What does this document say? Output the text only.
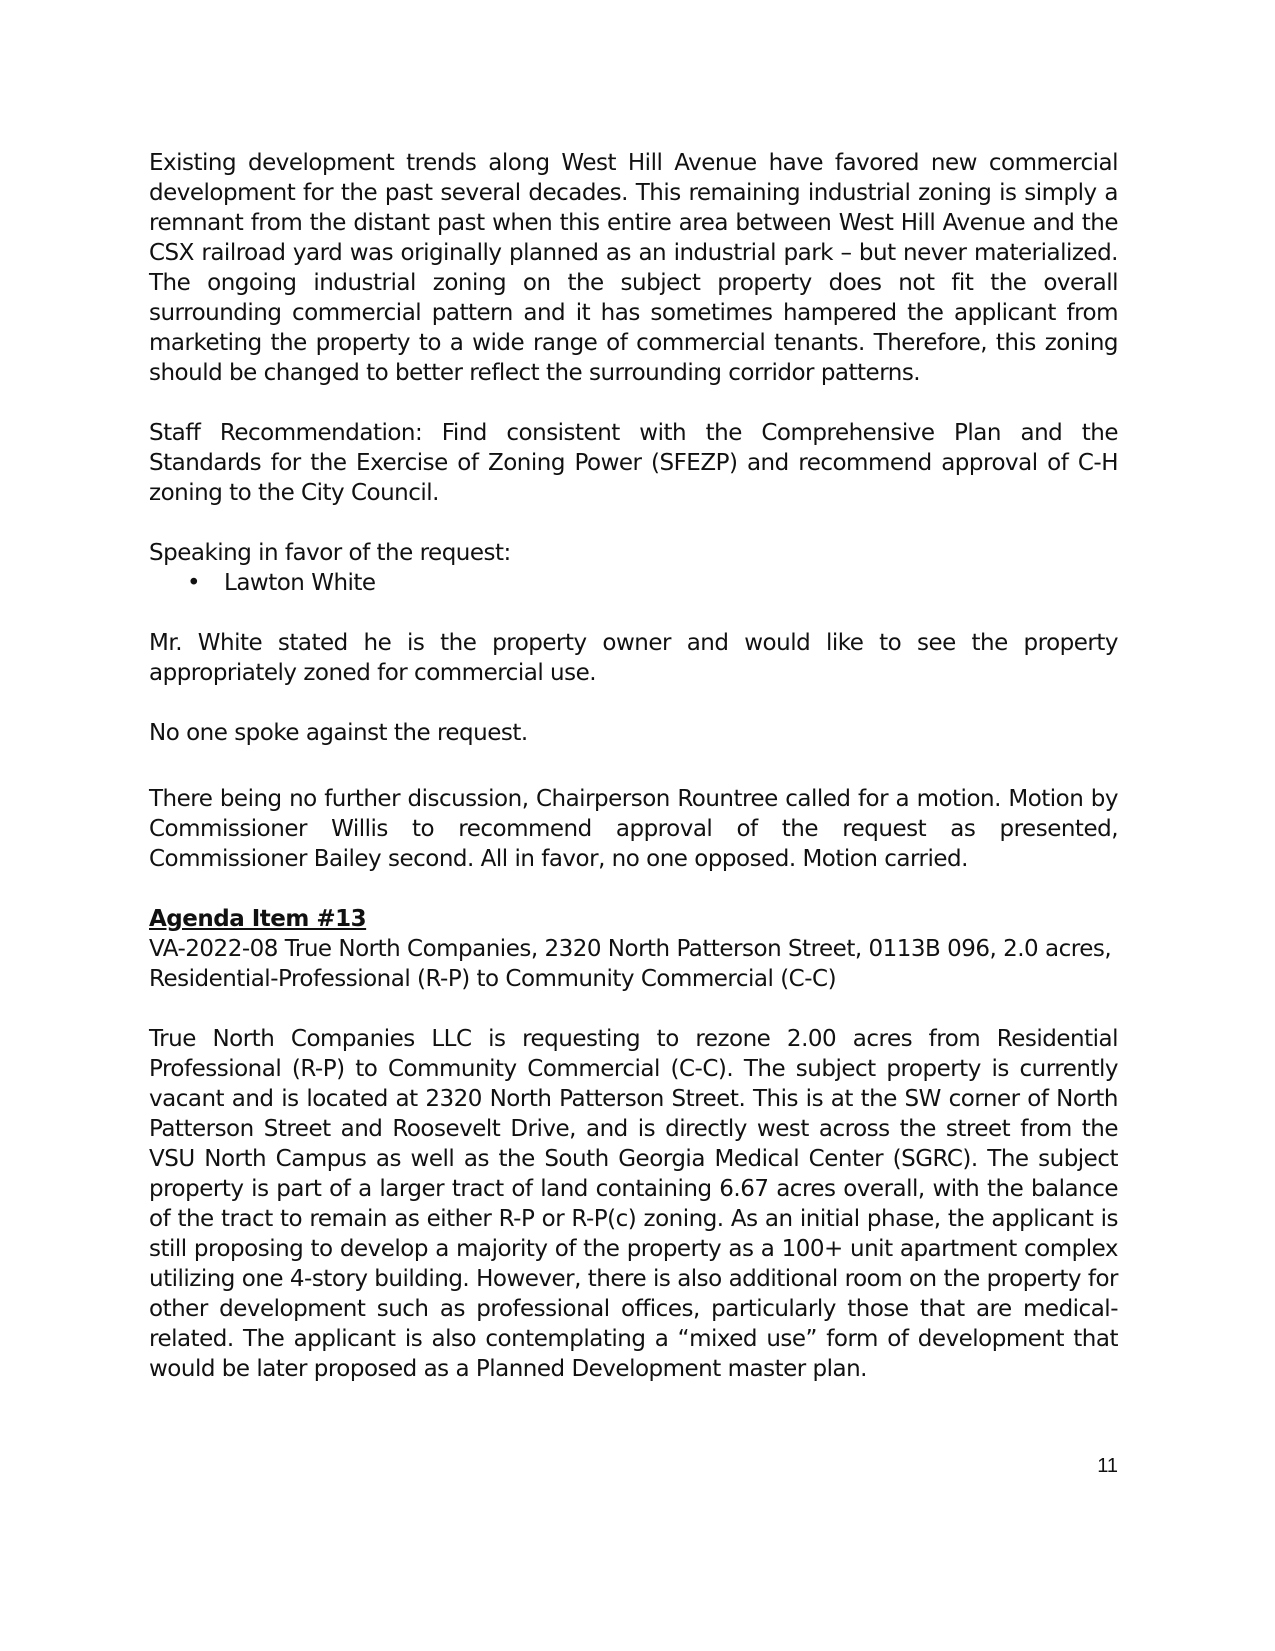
Existing development trends along West Hill Avenue have favored new commercial development for the past several decades. This remaining industrial zoning is simply a remnant from the distant past when this entire area between West Hill Avenue and the CSX railroad yard was originally planned as an industrial park – but never materialized. The ongoing industrial zoning on the subject property does not fit the overall surrounding commercial pattern and it has sometimes hampered the applicant from marketing the property to a wide range of commercial tenants. Therefore, this zoning should be changed to better reflect the surrounding corridor patterns.

Staff Recommendation: Find consistent with the Comprehensive Plan and the Standards for the Exercise of Zoning Power (SFEZP) and recommend approval of C-H zoning to the City Council.

Speaking in favor of the request:

• Lawton White

Mr. White stated he is the property owner and would like to see the property appropriately zoned for commercial use.

No one spoke against the request.

There being no further discussion, Chairperson Rountree called for a motion. Motion by Commissioner Willis to recommend approval of the request as presented, Commissioner Bailey second. All in favor, no one opposed. Motion carried.

Agenda Item #13

VA-2022-08 True North Companies, 2320 North Patterson Street, 0113B 096, 2.0 acres, Residential-Professional (R-P) to Community Commercial (C-C)

True North Companies LLC is requesting to rezone 2.00 acres from Residential Professional (R-P) to Community Commercial (C-C). The subject property is currently vacant and is located at 2320 North Patterson Street. This is at the SW corner of North Patterson Street and Roosevelt Drive, and is directly west across the street from the VSU North Campus as well as the South Georgia Medical Center (SGRC). The subject property is part of a larger tract of land containing 6.67 acres overall, with the balance of the tract to remain as either R-P or R-P(c) zoning. As an initial phase, the applicant is still proposing to develop a majority of the property as a 100+ unit apartment complex utilizing one 4-story building. However, there is also additional room on the property for other development such as professional offices, particularly those that are medical-related. The applicant is also contemplating a “mixed use” form of development that would be later proposed as a Planned Development master plan.

11
